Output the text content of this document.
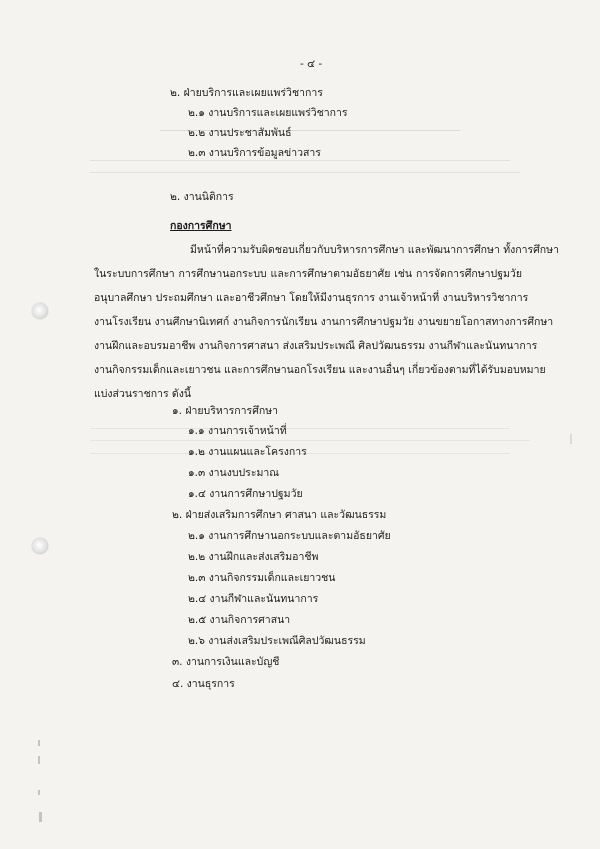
- ๔ -
๒. ฝ่ายบริการและเผยแพร่วิชาการ
๒.๑ งานบริการและเผยแพร่วิชาการ
๒.๒ งานประชาสัมพันธ์
๒.๓ งานบริการข้อมูลข่าวสาร
๒. งานนิติการ
กองการศึกษา
มีหน้าที่ความรับผิดชอบเกี่ยวกับบริหารการศึกษา และพัฒนาการศึกษา ทั้งการศึกษา
ในระบบการศึกษา การศึกษานอกระบบ และการศึกษาตามอัธยาศัย เช่น การจัดการศึกษาปฐมวัย
อนุบาลศึกษา ประถมศึกษา และอาชีวศึกษา โดยให้มีงานธุรการ งานเจ้าหน้าที่ งานบริหารวิชาการ
งานโรงเรียน งานศึกษานิเทศก์ งานกิจการนักเรียน งานการศึกษาปฐมวัย งานขยายโอกาสทางการศึกษา
งานฝึกและอบรมอาชีพ งานกิจการศาสนา ส่งเสริมประเพณี ศิลปวัฒนธรรม งานกีฬาและนันทนาการ
งานกิจกรรมเด็กและเยาวชน และการศึกษานอกโรงเรียน และงานอื่นๆ เกี่ยวข้องตามที่ได้รับมอบหมาย
แบ่งส่วนราชการ ดังนี้
๑. ฝ่ายบริหารการศึกษา
๑.๑ งานการเจ้าหน้าที่
๑.๒ งานแผนและโครงการ
๑.๓ งานงบประมาณ
๑.๔ งานการศึกษาปฐมวัย
๒. ฝ่ายส่งเสริมการศึกษา ศาสนา และวัฒนธรรม
๒.๑ งานการศึกษานอกระบบและตามอัธยาศัย
๒.๒ งานฝึกและส่งเสริมอาชีพ
๒.๓ งานกิจกรรมเด็กและเยาวชน
๒.๔ งานกีฬาและนันทนาการ
๒.๕ งานกิจการศาสนา
๒.๖ งานส่งเสริมประเพณีศิลปวัฒนธรรม
๓. งานการเงินและบัญชี
๔. งานธุรการ
